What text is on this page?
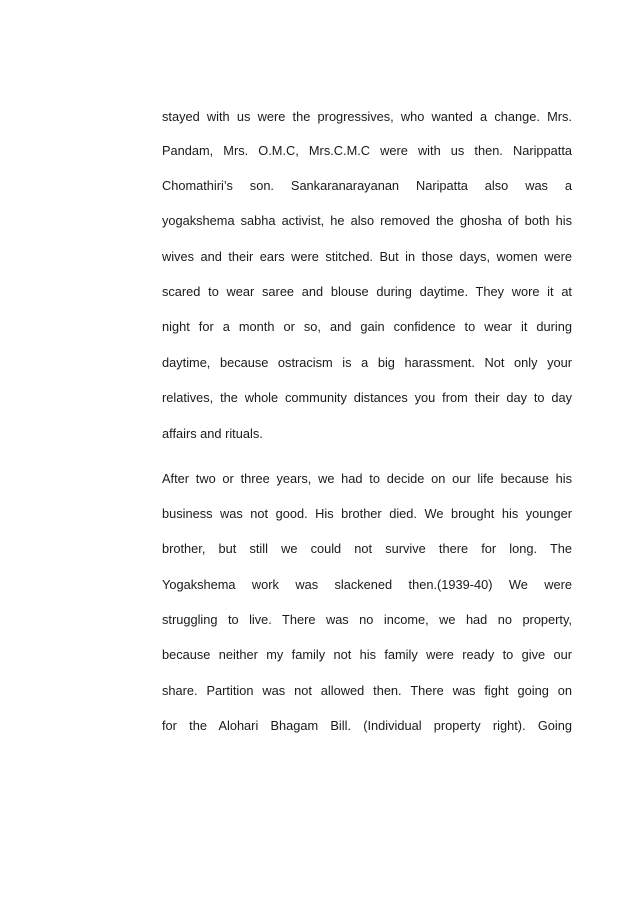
stayed with us were the progressives, who wanted a change. Mrs.
Pandam, Mrs. O.M.C, Mrs.C.M.C were with us then. Narippatta
Chomathiri’s son. Sankaranarayanan Naripatta also was a
yogakshema sabha activist, he also removed the ghosha of both his
wives and their ears were stitched. But in those days, women were
scared to wear saree and blouse during daytime. They wore it at
night for a month or so, and gain confidence to wear it during
daytime, because ostracism is a big harassment. Not only your
relatives, the whole community distances you from their day to day
affairs and rituals.
After two or three years, we had to decide on our life because his
business was not good. His brother died. We brought his younger
brother, but still we could not survive there for long. The
Yogakshema work was slackened then.(1939-40) We were
struggling to live. There was no income, we had no property,
because neither my family not his family were ready to give our
share. Partition was not allowed then. There was fight going on
for the Alohari Bhagam Bill. (Individual property right). Going
